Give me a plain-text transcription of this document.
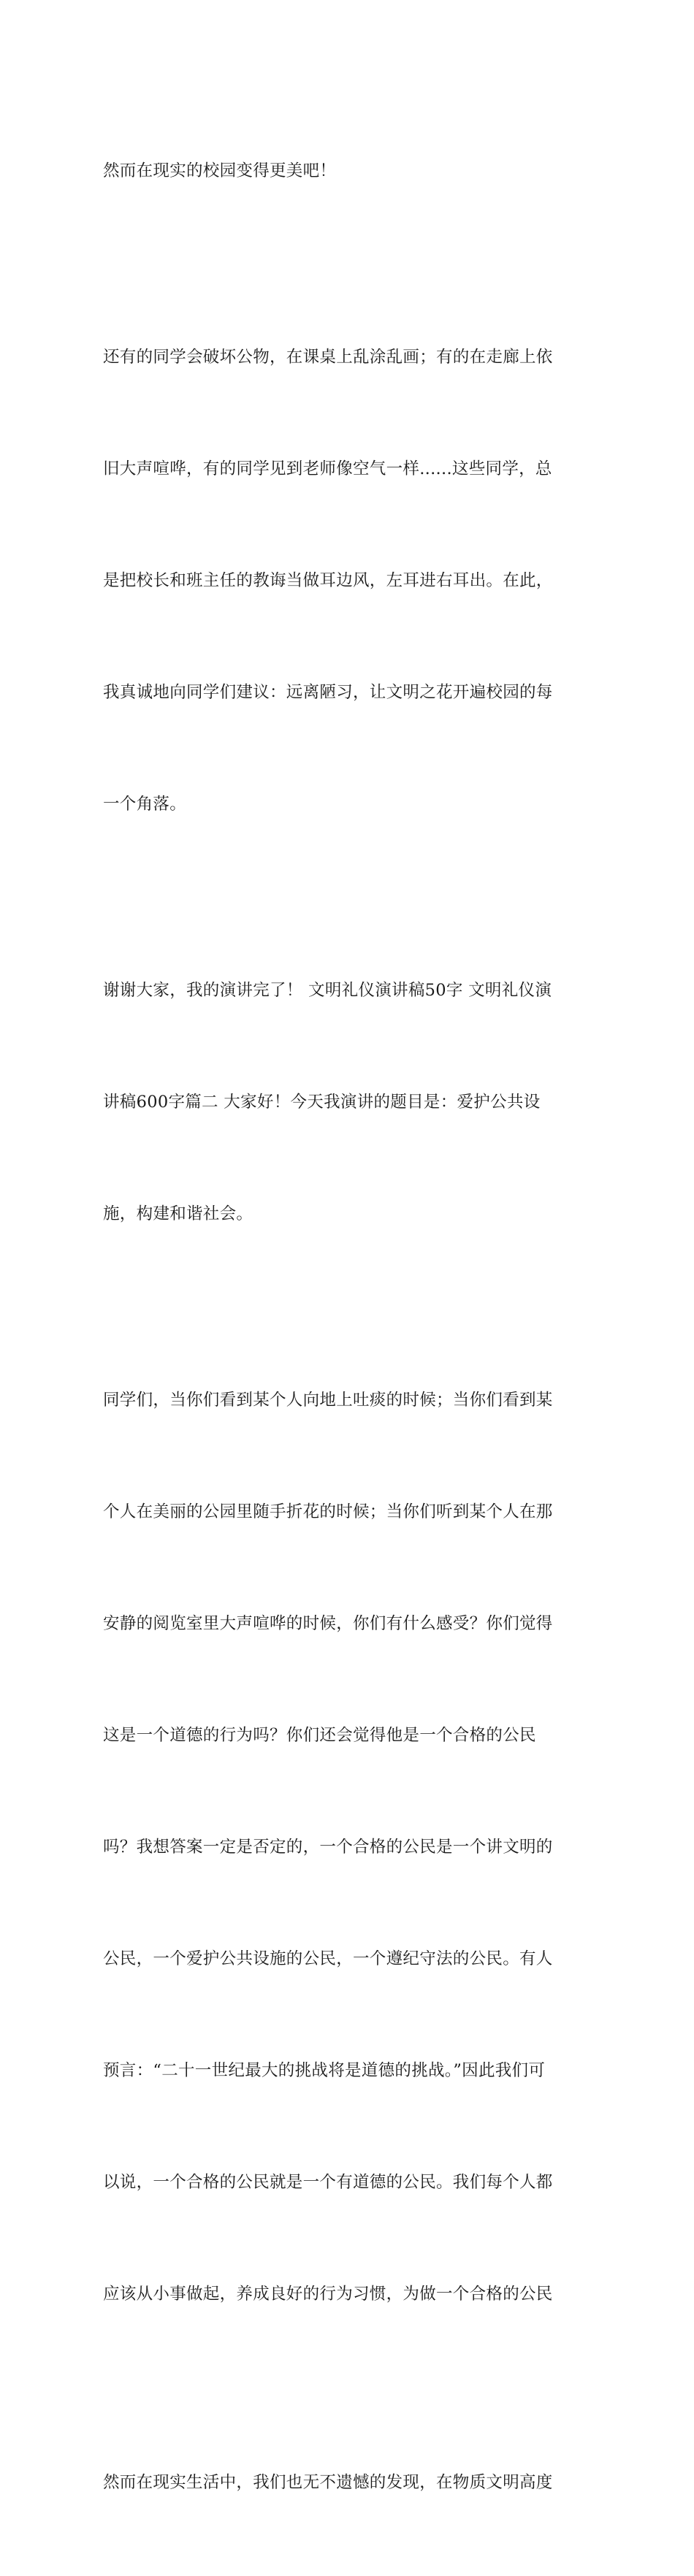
然而在现实的校园变得更美吧！

还有的同学会破坏公物，在课桌上乱涂乱画；有的在走廊上依

旧大声喧哗，有的同学见到老师像空气一样......这些同学，总

是把校长和班主任的教诲当做耳边风，左耳进右耳出。在此，

我真诚地向同学们建议：远离陋习，让文明之花开遍校园的每

一个角落。

谢谢大家，我的演讲完了！ 文明礼仪演讲稿50字 文明礼仪演

讲稿600字篇二 大家好！今天我演讲的题目是：爱护公共设

施，构建和谐社会。

同学们，当你们看到某个人向地上吐痰的时候；当你们看到某

个人在美丽的公园里随手折花的时候；当你们听到某个人在那

安静的阅览室里大声喧哗的时候，你们有什么感受？你们觉得

这是一个道德的行为吗？你们还会觉得他是一个合格的公民

吗？我想答案一定是否定的，一个合格的公民是一个讲文明的

公民，一个爱护公共设施的公民，一个遵纪守法的公民。有人

预言：“二十一世纪最大的挑战将是道德的挑战。”因此我们可

以说，一个合格的公民就是一个有道德的公民。我们每个人都

应该从小事做起，养成良好的行为习惯，为做一个合格的公民

然而在现实生活中，我们也无不遗憾的发现，在物质文明高度
